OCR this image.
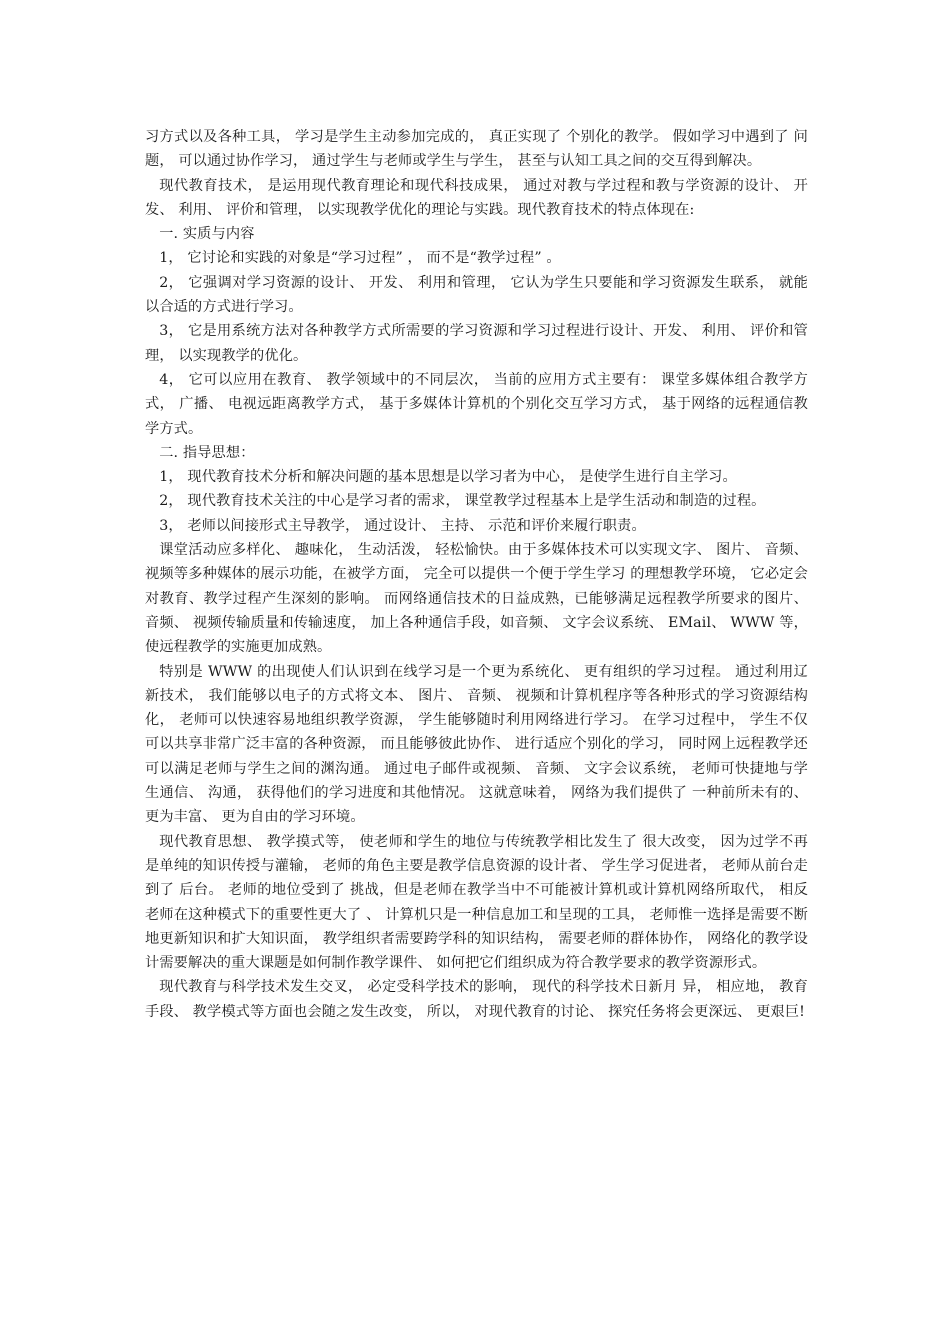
习方式以及各种工具， 学习是学生主动参加完成的， 真正实现了 个别化的教学。 假如学习中遇到了 问题， 可以通过协作学习， 通过学生与老师或学生与学生， 甚至与认知工具之间的交互得到解决。

现代教育技术， 是运用现代教育理论和现代科技成果， 通过对教与学过程和教与学资源的设计、 开发、 利用、 评价和管理， 以实现教学优化的理论与实践。现代教育技术的特点体现在:

一. 实质与内容

1， 它讨论和实践的对象是“学习过程” ， 而不是“教学过程” 。

2， 它强调对学习资源的设计、 开发、 利用和管理， 它认为学生只要能和学习资源发生联系， 就能以合适的方式进行学习。

3， 它是用系统方法对各种教学方式所需要的学习资源和学习过程进行设计、开发、 利用、 评价和管理， 以实现教学的优化。

4， 它可以应用在教育、 教学领域中的不同层次， 当前的应用方式主要有： 课堂多媒体组合教学方式， 广播、 电视远距离教学方式， 基于多媒体计算机的个别化交互学习方式， 基于网络的远程通信教学方式。

二. 指导思想：

1， 现代教育技术分析和解决问题的基本思想是以学习者为中心， 是使学生进行自主学习。

2， 现代教育技术关注的中心是学习者的需求， 课堂教学过程基本上是学生活动和制造的过程。

3， 老师以间接形式主导教学， 通过设计、 主持、 示范和评价来履行职责。

课堂活动应多样化、 趣味化， 生动活泼， 轻松愉快。由于多媒体技术可以实现文字、 图片、 音频、 视频等多种媒体的展示功能，在被学方面， 完全可以提供一个便于学生学习 的理想教学环境， 它必定会对教育、教学过程产生深刻的影响。 而网络通信技术的日益成熟，已能够满足远程教学所要求的图片、 音频、 视频传输质量和传输速度， 加上各种通信手段，如音频、 文字会议系统、 EMail、 WWW 等， 使远程教学的实施更加成熟。

特别是 WWW 的出现使人们认识到在线学习是一个更为系统化、 更有组织的学习过程。 通过利用辽新技术， 我们能够以电子的方式将文本、 图片、 音频、 视频和计算机程序等各种形式的学习资源结构化， 老师可以快速容易地组织教学资源， 学生能够随时利用网络进行学习。 在学习过程中， 学生不仅可以共享非常广泛丰富的各种资源， 而且能够彼此协作、 进行适应个别化的学习， 同时网上远程教学还可以满足老师与学生之间的渊沟通。 通过电子邮件或视频、 音频、 文字会议系统， 老师可快捷地与学生通信、 沟通， 获得他们的学习进度和其他情况。 这就意味着， 网络为我们提供了 一种前所未有的、 更为丰富、 更为自由的学习环境。

现代教育思想、 教学摸式等， 使老师和学生的地位与传统教学相比发生了 很大改变， 因为过学不再是单纯的知识传授与灌输， 老师的角色主要是教学信息资源的设计者、 学生学习促进者， 老师从前台走到了 后台。 老师的地位受到了 挑战，但是老师在教学当中不可能被计算机或计算机网络所取代， 相反老师在这种模式下的重要性更大了 、 计算机只是一种信息加工和呈现的工具， 老师惟一选择是需要不断地更新知识和扩大知识面， 教学组织者需要跨学科的知识结构， 需要老师的群体协作， 网络化的教学设计需要解决的重大课题是如何制作教学课件、 如何把它们组织成为符合教学要求的教学资源形式。

现代教育与科学技术发生交叉， 必定受科学技术的影响， 现代的科学技术日新月 异， 相应地， 教育手段、 教学模式等方面也会随之发生改变， 所以， 对现代教育的讨论、 探究任务将会更深远、 更艰巨!
